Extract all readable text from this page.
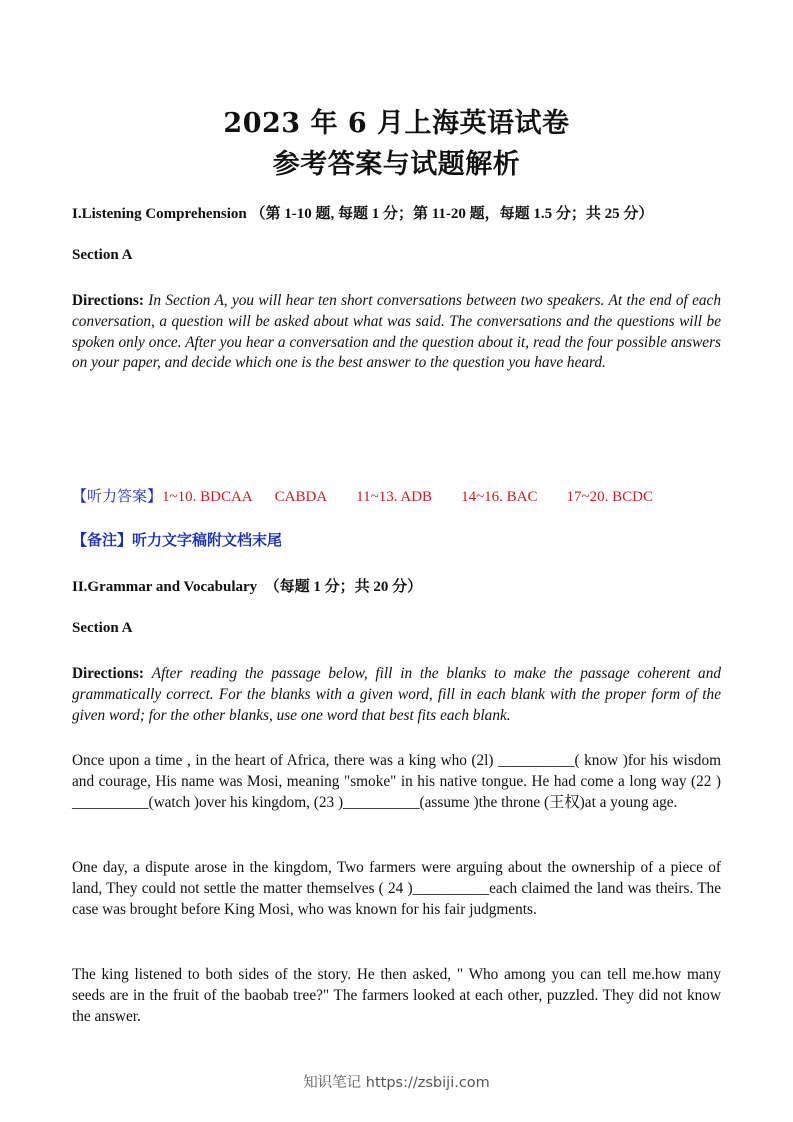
2023 年 6 月上海英语试卷
参考答案与试题解析
I.Listening Comprehension （第 1-10 题, 每题 1 分；第 11-20 题，每题 1.5 分；共 25 分）
Section A
Directions: In Section A, you will hear ten short conversations between two speakers. At the end of each conversation, a question will be asked about what was said. The conversations and the questions will be spoken only once. After you hear a conversation and the question about it, read the four possible answers on your paper, and decide which one is the best answer to the question you have heard.
【听力答案】1~10. BDCAA CABDA 11~13. ADB 14~16. BAC 17~20. BCDC
【备注】听力文字稿附文档末尾
II.Grammar and Vocabulary　（每题 1 分；共 20 分）
Section A
Directions: After reading the passage below, fill in the blanks to make the passage coherent and grammatically correct. For the blanks with a given word, fill in each blank with the proper form of the given word; for the other blanks, use one word that best fits each blank.
Once upon a time , in the heart of Africa, there was a king who (2l) __________( know )for his wisdom and courage, His name was Mosi, meaning "smoke" in his native tongue. He had come a long way (22 ) __________(watch )over his kingdom, (23 )__________(assume )the throne (王权)at a young age.
One day, a dispute arose in the kingdom, Two farmers were arguing about the ownership of a piece of land, They could not settle the matter themselves ( 24 )__________each claimed the land was theirs. The case was brought before King Mosi, who was known for his fair judgments.
The king listened to both sides of the story. He then asked, " Who among you can tell me.how many seeds are in the fruit of the baobab tree?" The farmers looked at each other, puzzled. They did not know the answer.
知识笔记 https://zsbiji.com
